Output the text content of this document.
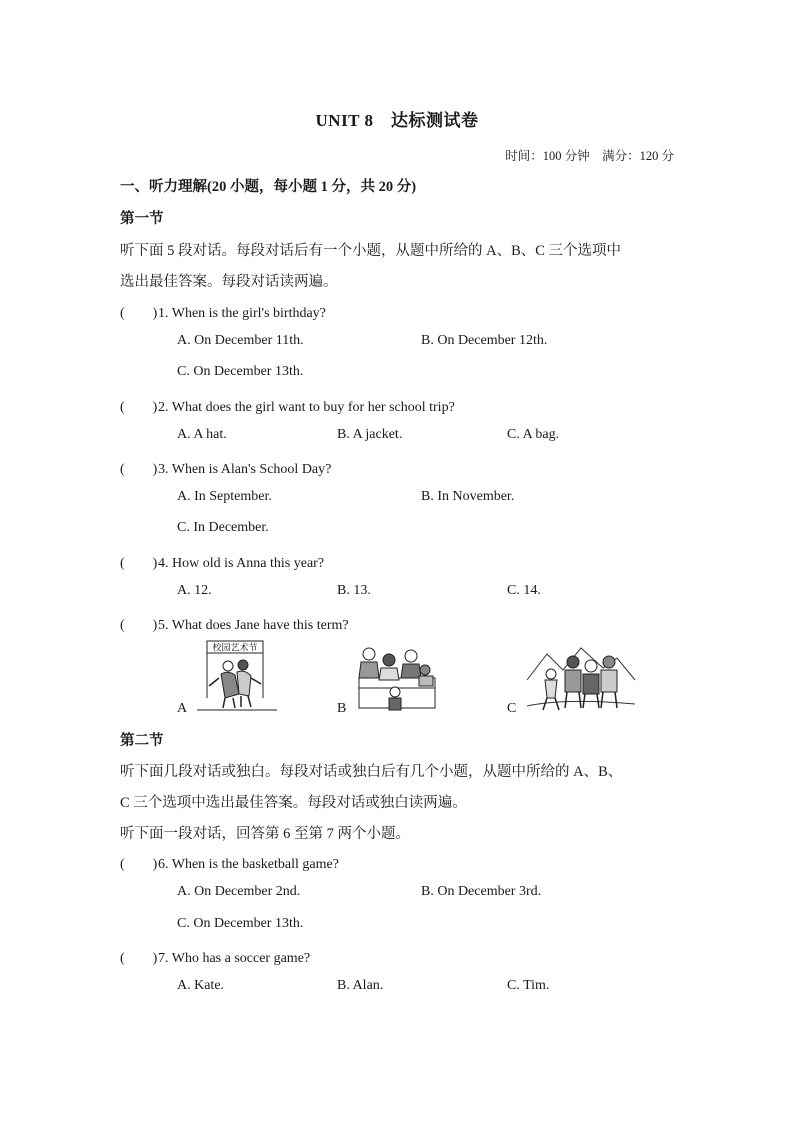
UNIT 8　达标测试卷
时间：100 分钟　满分：120 分
一、听力理解(20 小题，每小题 1 分，共 20 分)
第一节
听下面 5 段对话。每段对话后有一个小题，从题中所给的 A、B、C 三个选项中
选出最佳答案。每段对话读两遍。
(　　)1. When is the girl's birthday?
A. On December 11th.	B. On December 12th.
C. On December 13th.
(　　)2. What does the girl want to buy for her school trip?
A. A hat.	B. A jacket.	C. A bag.
(　　)3. When is Alan's School Day?
A. In September.	B. In November.
C. In December.
(　　)4. How old is Anna this year?
A. 12.	B. 13.	C. 14.
(　　)5. What does Jane have this term?
A
校园艺术节
B	C
第二节
听下面几段对话或独白。每段对话或独白后有几个小题，从题中所给的 A、B、
C 三个选项中选出最佳答案。每段对话或独白读两遍。
听下面一段对话，回答第 6 至第 7 两个小题。
(　　)6. When is the basketball game?
A. On December 2nd.	B. On December 3rd.
C. On December 13th.
(　　)7. Who has a soccer game?
A. Kate.	B. Alan.	C. Tim.
